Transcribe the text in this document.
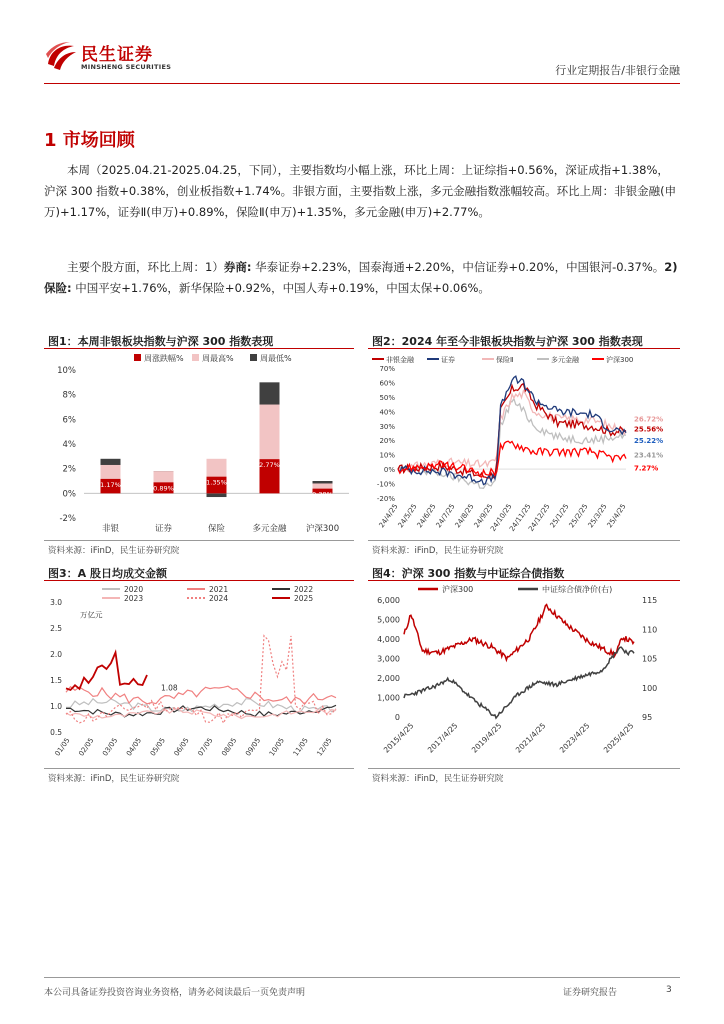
民生证券
MINSHENG SECURITIES	行业定期报告/非银行金融
1 市场回顾
本周（2025.04.21-2025.04.25，下同），主要指数均小幅上涨，环比上周：上证综指+0.56%，深证成指+1.38%，沪深 300 指数+0.38%，创业板指数+1.74%。非银方面，主要指数上涨，多元金融指数涨幅较高。环比上周：非银金融(申万)+1.17%，证券Ⅱ(申万)+0.89%，保险Ⅱ(申万)+1.35%，多元金融(申万)+2.77%。
主要个股方面，环比上周：1）券商: 华泰证券+2.23%，国泰海通+2.20%，中信证券+0.20%，中国银河-0.37%。2) 保险: 中国平安+1.76%，新华保险+0.92%，中国人寿+0.19%，中国太保+0.06%。
图1：本周非银板块指数与沪深 300 指数表现
周涨跌幅% 周最高%	周最低%
10%
8%
6%
4%
2%
0%
-2%
1.17%
非银
0.89%
证券
1.35%
保险
2.77%
多元金融
0.38%
沪深300
资料来源：iFinD，民生证券研究院
图2：2024 年至今非银板块指数与沪深 300 指数表现
非银金融	证券	保险Ⅱ	多元金融	沪深300
70%
60%
50%
40%
30%
20%
10%
0%
-10%
-20%
26.72%
25.56%
25.22%
23.41%
7.27%
24/4/25
24/5/25
24/6/25
24/7/25
24/8/25
24/9/25
24/10/25
24/11/25
24/12/25
25/1/25
25/2/25
25/3/25
25/4/25
资料来源：iFinD，民生证券研究院
图3：A 股日均成交金额
2020	2021	2022
2023	2024	2025
3.0
2.5
2.0
1.5
1.0
0.5
万亿元
1.08
01/05 02/05 03/05 04/05 05/05 06/05 07/05 08/05 09/05 10/05 11/05 12/05
资料来源：iFinD，民生证券研究院
图4：沪深 300 指数与中证综合债指数
沪深300	中证综合债净价(右)
6,000
5,000
4,000
3,000
2,000
1,000
0
115
110
105
100
95
2015/4/25 2017/4/25 2019/4/25 2021/4/25 2023/4/25 2025/4/25
资料来源：iFinD，民生证券研究院
本公司具备证券投资咨询业务资格，请务必阅读最后一页免责声明	证券研究报告	3
